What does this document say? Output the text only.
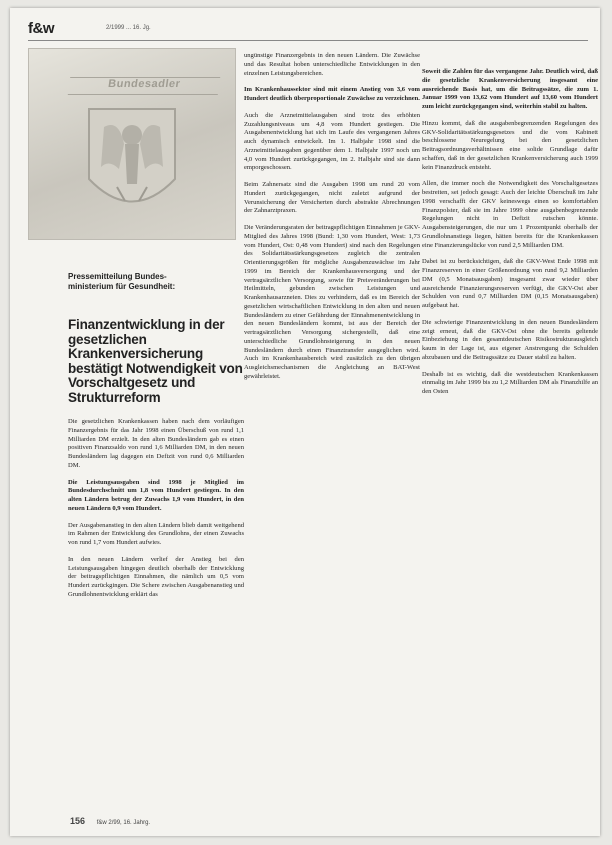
f&w	2/1999 ... 16. Jg.
Bundesadler
Pressemitteilung Bundes-
ministerium für Gesundheit:
Finanzentwicklung in der gesetzlichen Krankenversicherung bestätigt Notwendigkeit von Vorschaltgesetz und Strukturreform

Die gesetzlichen Krankenkassen haben nach dem vorläufigen Finanzergebnis für das Jahr 1998 einen Überschuß von rund 1,1 Milliarden DM erzielt. In den alten Bundesländern gab es einen positiven Finanzsaldo von rund 1,6 Milliarden DM, in den neuen Bundesländern lag dagegen ein Defizit von rund 0,6 Milliarden DM.

Die Leistungsausgaben sind 1998 je Mitglied im Bundesdurchschnitt um 1,8 vom Hundert gestiegen. In den alten Ländern betrug der Zuwachs 1,9 vom Hundert, in den neuen Ländern 0,9 vom Hundert.

Der Ausgabenanstieg in den alten Ländern blieb damit weitgehend im Rahmen der Entwicklung des Grundlohns, der einen Zuwachs von rund 1,7 vom Hundert aufwies.

In den neuen Ländern verlief der Anstieg bei den Leistungsausgaben hingegen deutlich oberhalb der Entwicklung der beitragspflichtigen Einnahmen, die nämlich um 0,5 vom Hundert zurückgingen. Die Schere zwischen Ausgabenanstieg und Grundlohnentwicklung erklärt das

ungünstige Finanzergebnis in den neuen Ländern. Die Zuwächse und das Resultat hoben unterschiedliche Entwicklungen in den einzelnen Leistungsbereichen.

Im Krankenhaussektor sind mit einem Anstieg von 3,6 vom Hundert deutlich überproportionale Zuwächse zu verzeichnen.

Auch die Arzneimittelausgaben sind trotz des erhöhten Zuzahlungsniveaus um 4,8 vom Hundert gestiegen. Die Ausgabenentwicklung hat sich im Laufe des vergangenen Jahres auch dynamisch entwickelt. Im 1. Halbjahr 1998 sind die Arzneimittelausgaben gegenüber dem 1. Halbjahr 1997 noch um 4,0 vom Hundert zurückgegangen, im 2. Halbjahr sind sie dann emporgeschossen.

Beim Zahnersatz sind die Ausgaben 1998 um rund 20 vom Hundert zurückgegangen, nicht zuletzt aufgrund der Verunsicherung der Versicherten durch abstrakte Abrechnungen der Zahnarztpraxen.

Die Veränderungsraten der beitragspflichtigen Einnahmen je GKV-Mitglied des Jahres 1998 (Bund: 1,30 vom Hundert, West: 1,73 vom Hundert, Ost: 0,48 vom Hundert) sind nach den Regelungen des Solidaritätsstärkungsgesetzes zugleich die zentralen Orientierungsgrößen für mögliche Ausgabenzuwächse im Jahr 1999 im Bereich der Krankenhausversorgung und der vertragsärztlichen Versorgung, sowie für Preisveränderungen bei Heilmitteln, gebunden zwischen Leistungen und Krankenhausarzneien. Dies zu verhindern, daß es im Bereich der gesetzlichen wirtschaftlichen Entwicklung in den alten und neuen Bundesländern zu einer Gefährdung der Einnahmenentwicklung in den neuen Bundesländern kommt, ist aus der Bereich der vertragsärztlichen Versorgung sichergestellt, daß eine unterschiedliche Grundlohnsteigerung in den neuen Bundesländern durch einen Finanztransfer ausgeglichen wird. Auch im Krankenhausbereich wird zusätzlich zu den übrigen Ausgleichsmechanismen die Angleichung an BAT-West gewährleistet.

Soweit die Zahlen für das vergangene Jahr. Deutlich wird, daß die gesetzliche Krankenversicherung insgesamt eine ausreichende Basis hat, um die Beitragssätze, die zum 1. Januar 1999 von 13,62 vom Hundert auf 13,60 vom Hundert zum leicht zurückgegangen sind, weiterhin stabil zu halten.

Hinzu kommt, daß die ausgabenbegrenzenden Regelungen des GKV-Solidaritätsstärkungsgesetzes und die vom Kabinett beschlossene Neuregelung bei den gesetzlichen Beitragsordnungsverhältnissen eine solide Grundlage dafür schaffen, daß in der gesetzlichen Krankenversicherung auch 1999 kein Finanzdruck entsteht.

Allen, die immer noch die Notwendigkeit des Vorschaltgesetzes bestreiten, sei jedoch gesagt: Auch der leichte Überschuß im Jahr 1998 verschafft der GKV keineswegs einen so komfortablen Finanzpolster, daß sie im Jahre 1999 ohne ausgabenbegrenzende Regelungen nicht in Defizit rutschen könnte. Ausgabensteigerungen, die nur um 1 Prozentpunkt oberhalb der Grundlohnanstiegs liegen, hätten bereits für die Krankenkassen eine Finanzierungslücke von rund 2,5 Milliarden DM.

Dabei ist zu berücksichtigen, daß die GKV-West Ende 1998 mit Finanzreserven in einer Größenordnung von rund 9,2 Milliarden DM (0,5 Monatsausgaben) insgesamt zwar wieder über ausreichende Finanzierungsreserven verfügt, die GKV-Ost aber Schulden von rund 0,7 Milliarden DM (0,15 Monatsausgaben) aufgebaut hat.

Die schwierige Finanzentwicklung in den neuen Bundesländern zeigt erneut, daß die GKV-Ost ohne die bereits geltende Einbeziehung in den gesamtdeutschen Risikostrukturausgleich kaum in der Lage ist, aus eigener Anstrengung die Schulden abzubauen und die Beitragssätze zu Dauer stabil zu halten.

Deshalb ist es wichtig, daß die westdeutschen Krankenkassen einmalig im Jahr 1999 bis zu 1,2 Milliarden DM als Finanzhilfe an den Osten

156 f&w 2/99, 16. Jahrg.
